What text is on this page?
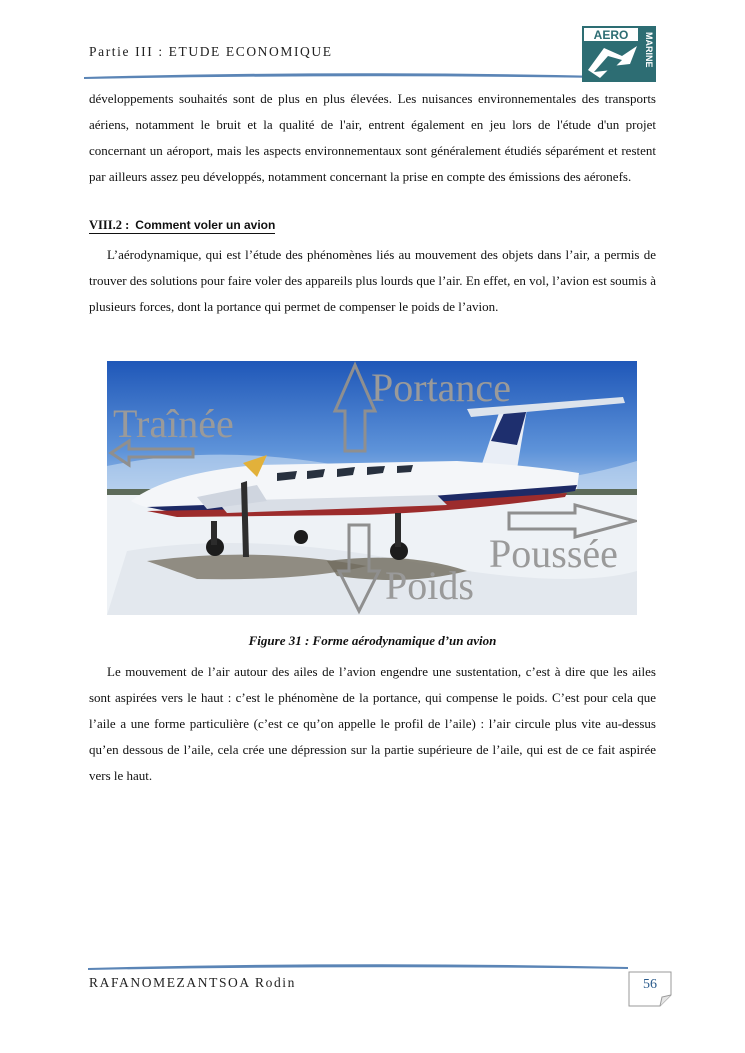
Partie III : ETUDE ECONOMIQUE
AERO MARINE

développements souhaités sont de plus en plus élevées. Les nuisances environnementales des transports aériens, notamment le bruit et la qualité de l'air, entrent également en jeu lors de l'étude d'un projet concernant un aéroport, mais les aspects environnementaux sont généralement étudiés séparément et restent par ailleurs assez peu développés, notamment concernant la prise en compte des émissions des aéronefs.

VIII.2 : Comment voler un avion

L’aérodynamique, qui est l’étude des phénomènes liés au mouvement des objets dans l’air, a permis de trouver des solutions pour faire voler des appareils plus lourds que l’air. En effet, en vol, l’avion est soumis à plusieurs forces, dont la portance qui permet de compenser le poids de l’avion.

Portance
Traînée
Poussée
Poids
Figure 31 : Forme aérodynamique d’un avion

Le mouvement de l’air autour des ailes de l’avion engendre une sustentation, c’est à dire que les ailes sont aspirées vers le haut : c’est le phénomène de la portance, qui compense le poids. C’est pour cela que l’aile a une forme particulière (c’est ce qu’on appelle le profil de l’aile) : l’air circule plus vite au-dessus qu’en dessous de l’aile, cela crée une dépression sur la partie supérieure de l’aile, qui est de ce fait aspirée vers le haut.

RAFANOMEZANTSOA Rodin	56
